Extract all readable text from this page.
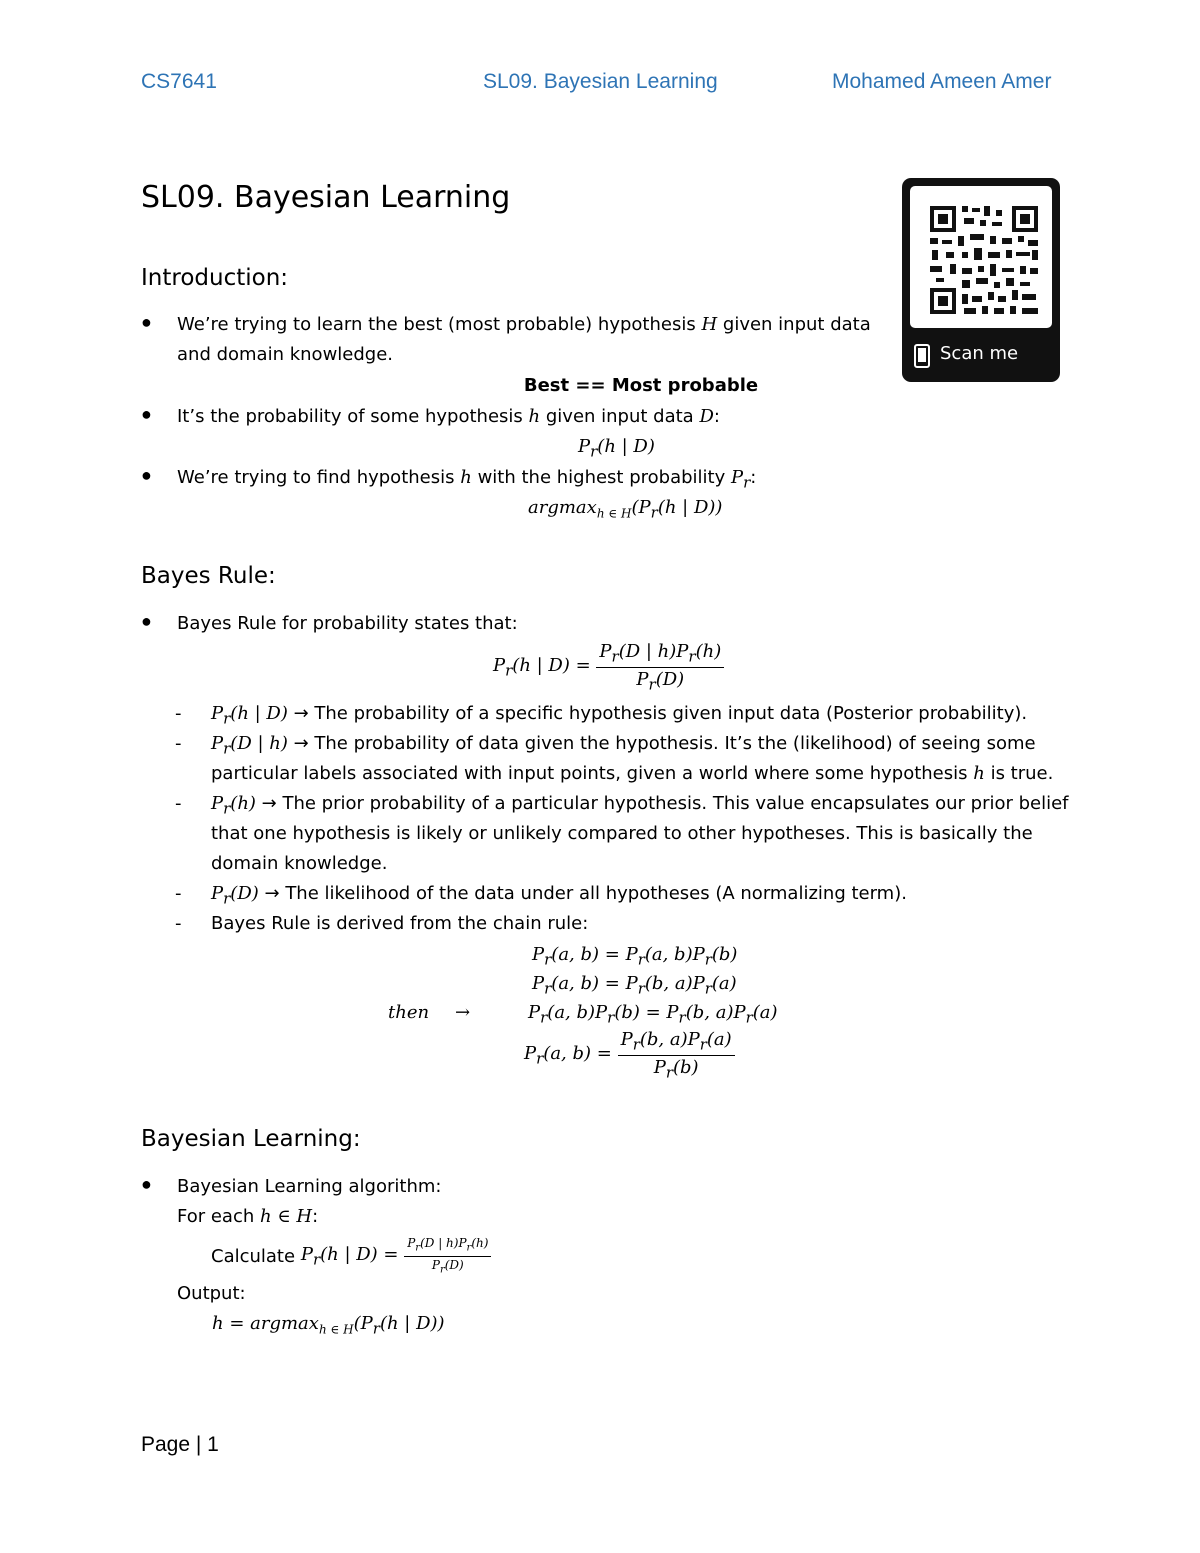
CS7641	SL09. Bayesian Learning	Mohamed Ameen Amer
SL09. Bayesian Learning
Scan me
Introduction:
● We’re trying to learn the best (most probable) hypothesis H given input data
and domain knowledge.
Best == Most probable
● It’s the probability of some hypothesis h given input data D:
$P_r(h$ | D)
● We’re trying to find hypothesis h with the highest probability $P_r$:
$argmax_{h \in H}(P_r(h$ | D))
Bayes Rule:
● Bayes Rule for probability states that:
$P_r(h$ | $D) = \frac{P_r(D | h)P_r(h)}{P_r(D)}$
- $P_r(h$ | D) → The probability of a specific hypothesis given input data (Posterior probability).
- $P_r(D$ | h) → The probability of data given the hypothesis. It’s the (likelihood) of seeing some
particular labels associated with input points, given a world where some hypothesis h is true.
- $P_r(h)$ → The prior probability of a particular hypothesis. This value encapsulates our prior belief
that one hypothesis is likely or unlikely compared to other hypotheses. This is basically the
domain knowledge.
- $P_r(D)$ → The likelihood of the data under all hypotheses (A normalizing term).
- Bayes Rule is derived from the chain rule:
$P_r(a$, $b) = P_r(a$, $b)P_r(b)$
$P_r(a$, $b) = P_r(b$, $a)P_r(a)$
then →	$P_r(a$, $b)P_r(b) = P_r(b$, $a)P_r(a)$
$P_r(a$, $b) = \frac{P_r(b, a)P_r(a)}{P_r(b)}$
Bayesian Learning:
● Bayesian Learning algorithm:
For each h ∈ H:
Calculate $P_r(h$ | $D) = \frac{P_r(D | h)P_r(h)}{P_r(D)}$
Output:
$h = argmax_{h \in H}(P_r(h$ | D))
Page | 1
